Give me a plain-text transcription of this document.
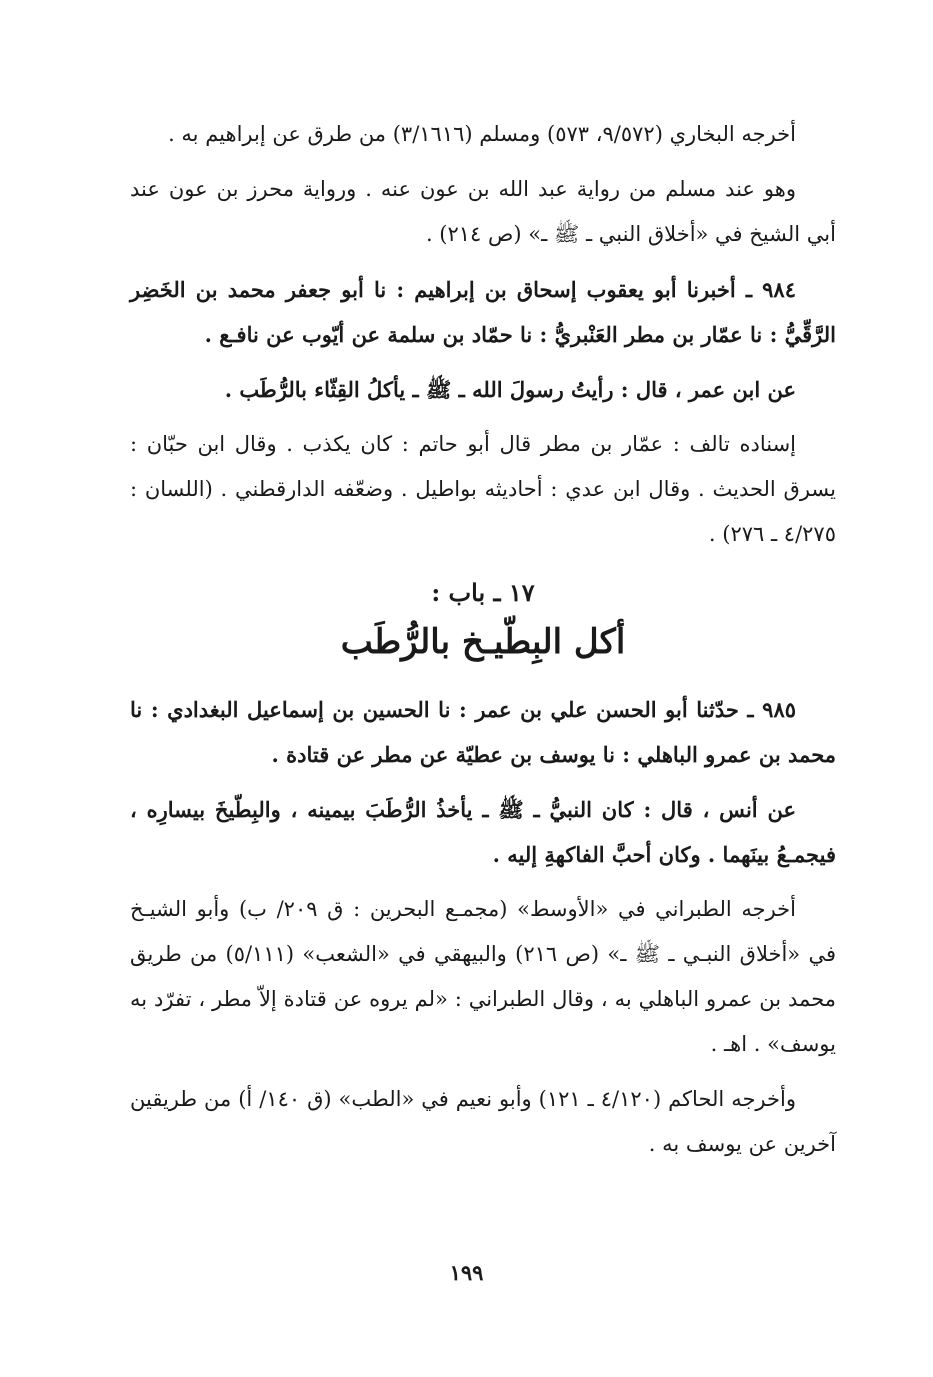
أخرجه البخاري (٩/٥٧٢، ٥٧٣) ومسلم (٣/١٦١٦) من طرق عن إبراهيم به .

وهو عند مسلم من رواية عبد الله بن عون عنه . ورواية محرز بن عون عند أبي الشيخ في «أخلاق النبي ـ ﷺ ـ» (ص ٢١٤) .

٩٨٤ ـ أخبرنا أبو يعقوب إسحاق بن إبراهيم : نا أبو جعفر محمد بن الخَضِر الرَّقِّيُّ : نا عمّار بن مطر العَنْبريُّ : نا حمّاد بن سلمة عن أيّوب عن نافـع .

عن ابن عمر ، قال : رأيتُ رسولَ الله ـ ﷺ ـ يأكلُ القِثّاء بالرُّطَب .

إسناده تالف : عمّار بن مطر قال أبو حاتم : كان يكذب . وقال ابن حبّان : يسرق الحديث . وقال ابن عدي : أحاديثه بواطيل . وضعّفه الدارقطني . (اللسان : ٤/٢٧٥ ـ ٢٧٦) .

١٧ ـ باب :
أكل البِطّيـخ بالرُّطَب

٩٨٥ ـ حدّثنا أبو الحسن علي بن عمر : نا الحسين بن إسماعيل البغدادي : نا محمد بن عمرو الباهلي : نا يوسف بن عطيّة عن مطر عن قتادة .

عن أنس ، قال : كان النبيُّ ـ ﷺ ـ يأخذُ الرُّطَبَ بيمينه ، والبِطّيخَ بيسارِه ، فيجمـعُ بينَهما . وكان أحبَّ الفاكهةِ إليه .

أخرجه الطبراني في «الأوسط» (مجمـع البحرين : ق ٢٠٩/ ب) وأبو الشيـخ في «أخلاق النبـي ـ ﷺ ـ» (ص ٢١٦) والبيهقي في «الشعب» (٥/١١١) من طريق محمد بن عمرو الباهلي به ، وقال الطبراني : «لم يروه عن قتادة إلاّ مطر ، تفرّد به يوسف» . اهـ .

وأخرجه الحاكم (٤/١٢٠ ـ ١٢١) وأبو نعيم في «الطب» (ق ١٤٠/ أ) من طريقين آخرين عن يوسف به .

١٩٩
